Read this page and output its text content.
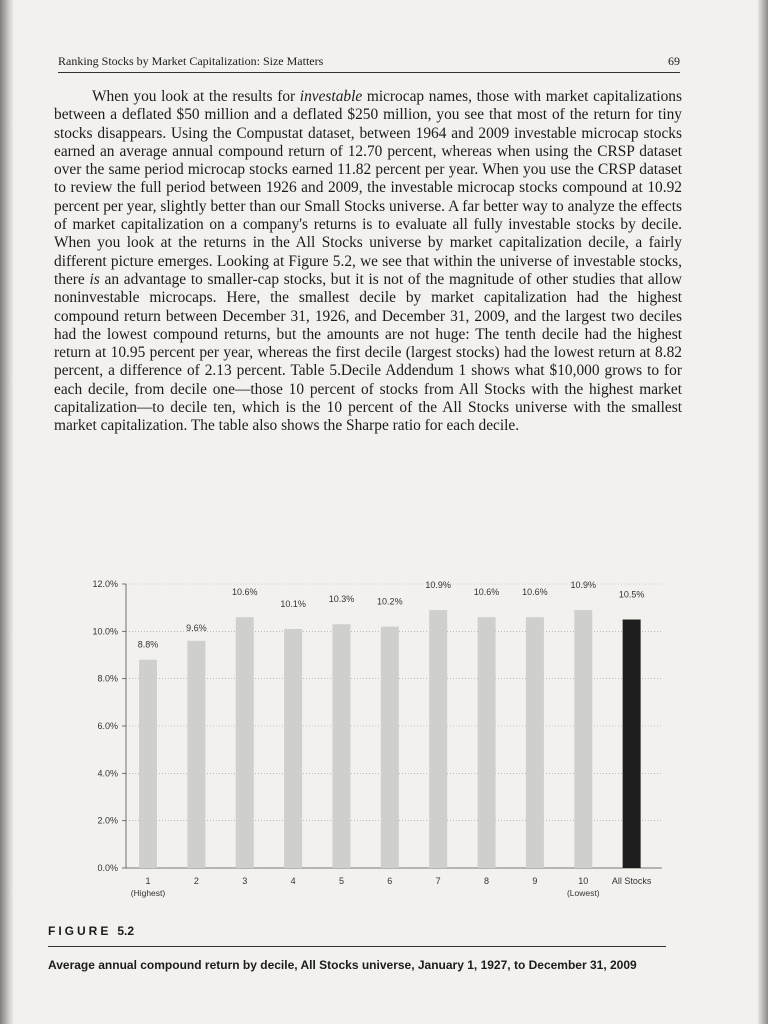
Ranking Stocks by Market Capitalization: Size Matters	69

When you look at the results for investable microcap names, those with market capitalizations between a deflated $50 million and a deflated $250 million, you see that most of the return for tiny stocks disappears. Using the Compustat dataset, between 1964 and 2009 investable microcap stocks earned an average annual compound return of 12.70 percent, whereas when using the CRSP dataset over the same period microcap stocks earned 11.82 percent per year. When you use the CRSP dataset to review the full period between 1926 and 2009, the investable microcap stocks compound at 10.92 percent per year, slightly better than our Small Stocks universe. A far better way to analyze the effects of market capitalization on a company's returns is to evaluate all fully investable stocks by decile. When you look at the returns in the All Stocks universe by market capitalization decile, a fairly different picture emerges. Looking at Figure 5.2, we see that within the universe of investable stocks, there is an advantage to smaller-cap stocks, but it is not of the magnitude of other studies that allow noninvestable microcaps. Here, the smallest decile by market capitalization had the highest compound return between December 31, 1926, and December 31, 2009, and the largest two deciles had the lowest compound returns, but the amounts are not huge: The tenth decile had the highest return at 10.95 percent per year, whereas the first decile (largest stocks) had the lowest return at 8.82 percent, a difference of 2.13 percent. Table 5.Decile Addendum 1 shows what $10,000 grows to for each decile, from decile one—those 10 percent of stocks from All Stocks with the highest market capitalization—to decile ten, which is the 10 percent of the All Stocks universe with the smallest market capitalization. The table also shows the Sharpe ratio for each decile.

0.0%
2.0%
4.0%
6.0%
8.0%
10.0%
12.0%
8.8%
1
(Highest)
9.6%
2
10.6%
3
10.1%
4
10.3%
5
10.2%
6
10.9%
7
10.6%
8
10.6%
9
10.9%
10
(Lowest)
10.5%
All Stocks
FIGURE 5.2
Average annual compound return by decile, All Stocks universe, January 1, 1927, to December 31, 2009
